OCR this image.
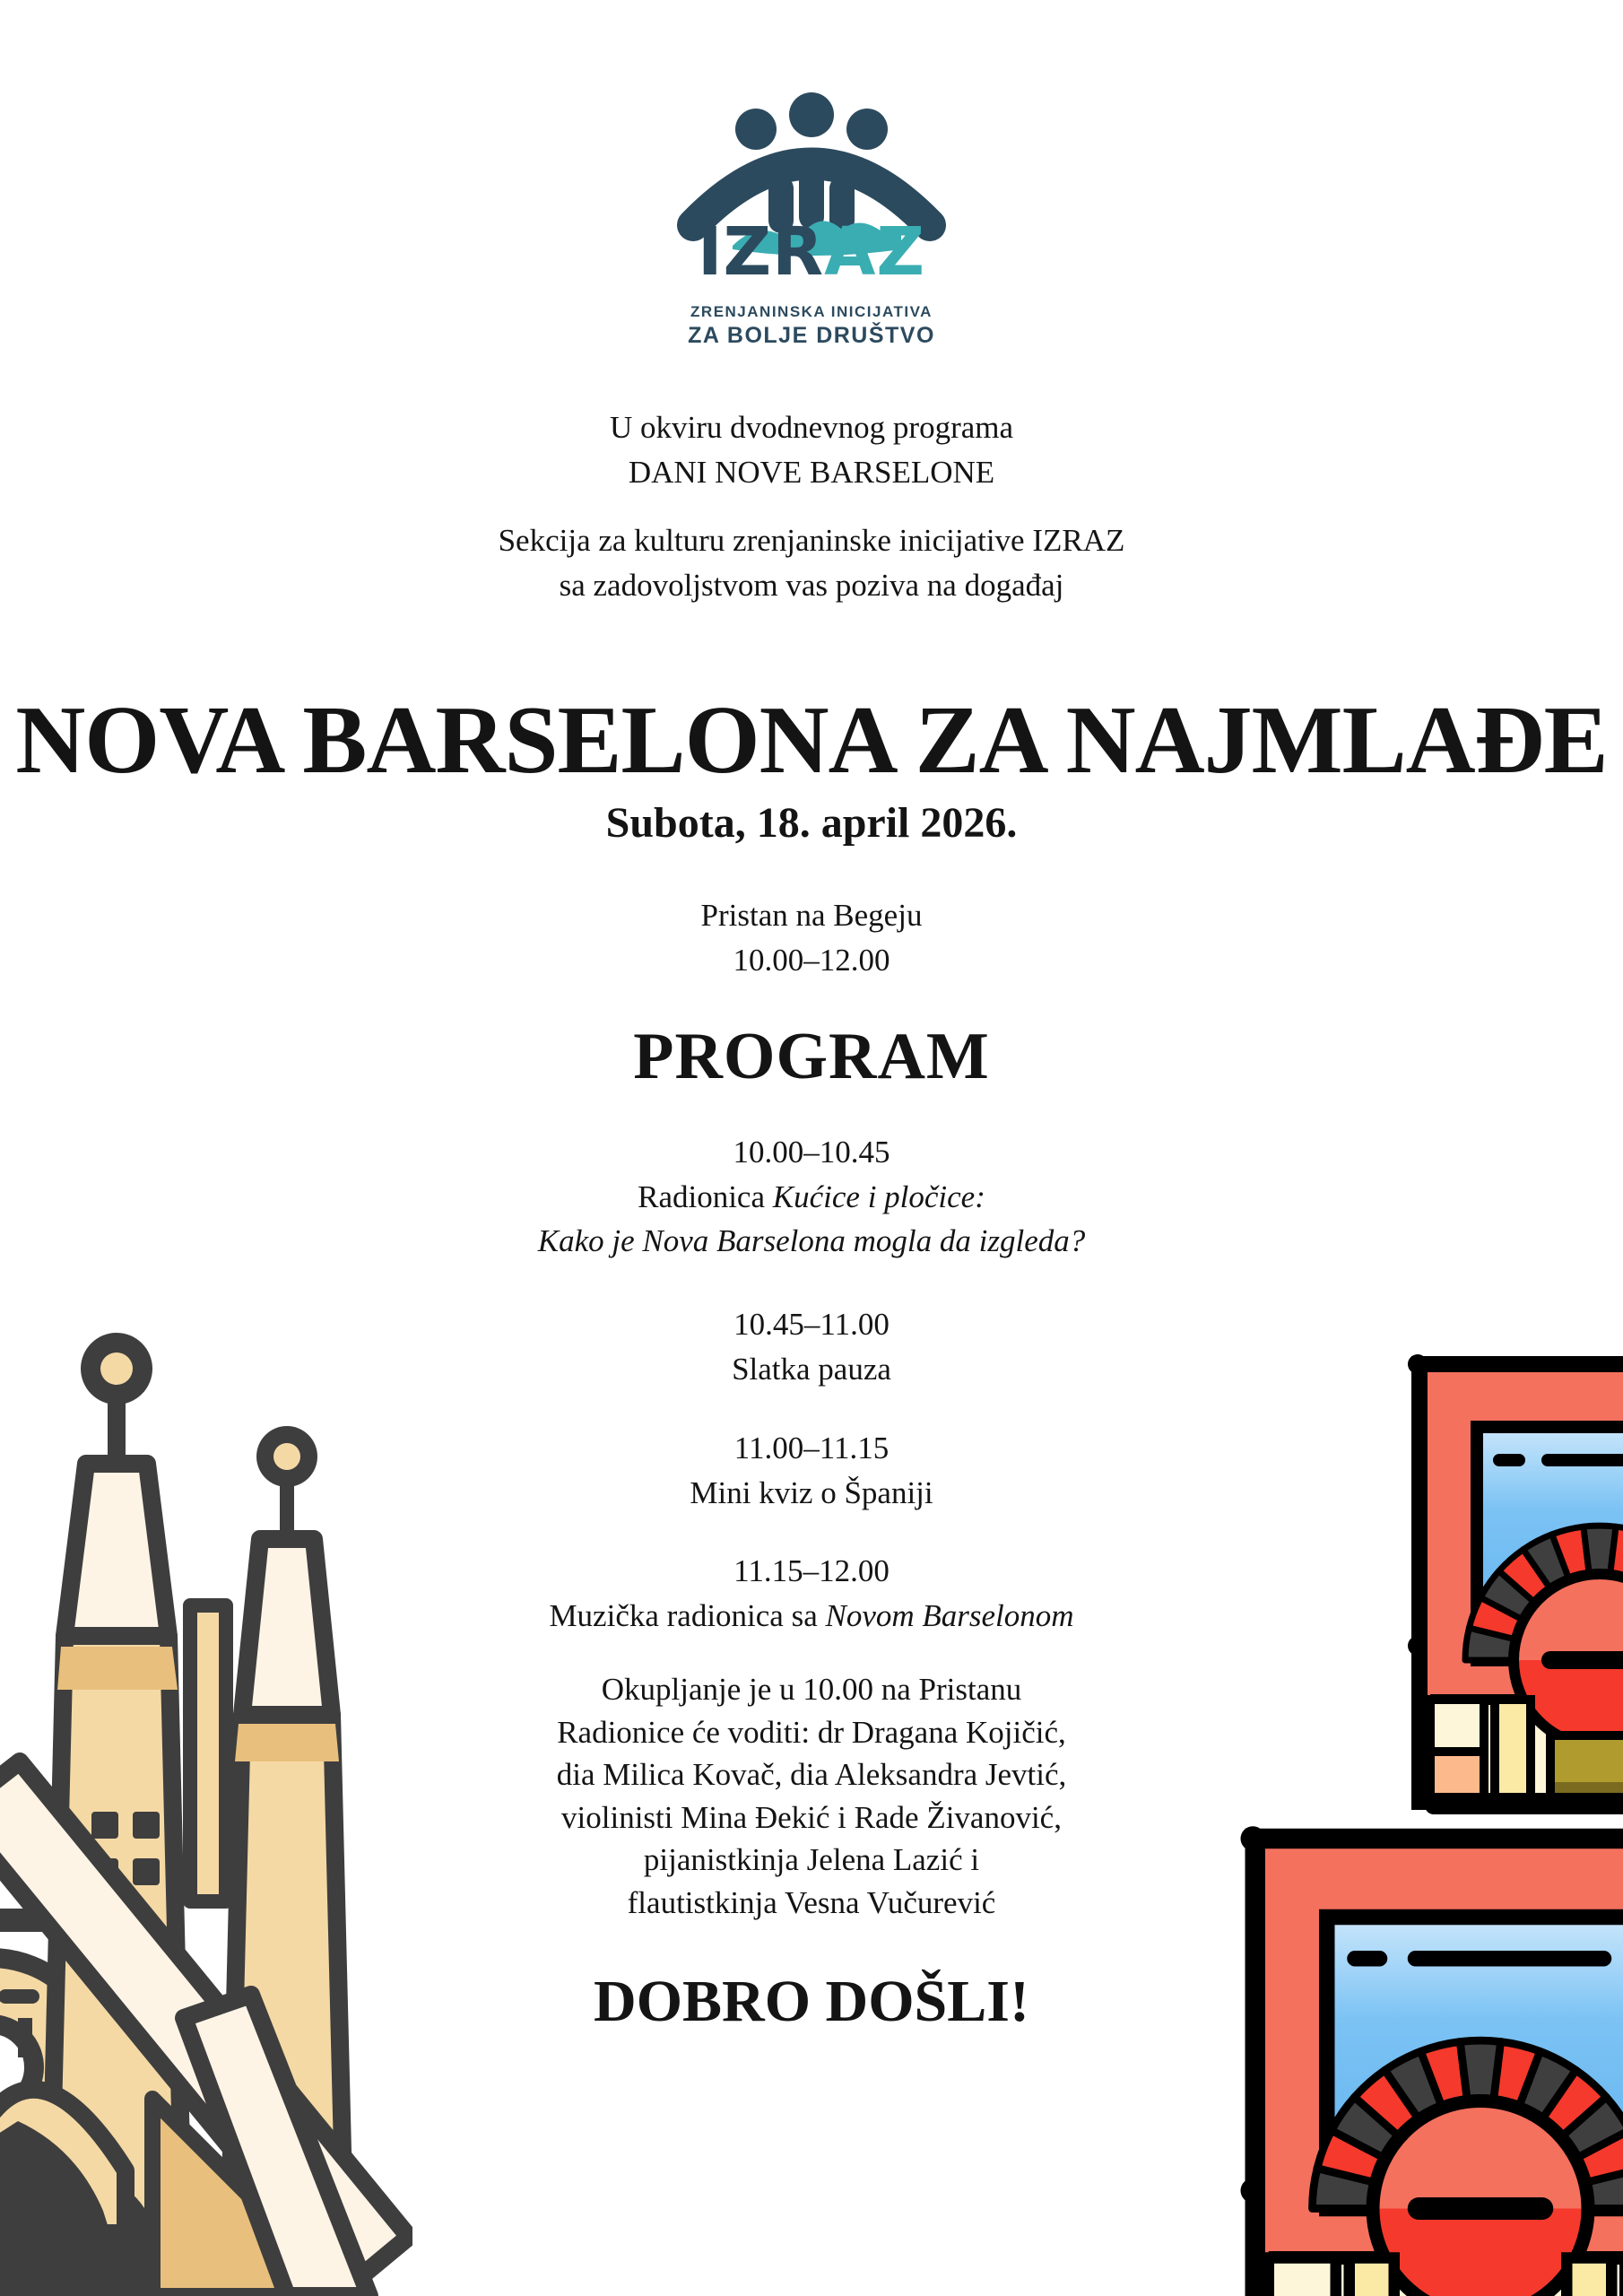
IZRAZ
ZRENJANINSKA INICIJATIVA
ZA BOLJE DRUŠTVO
U okviru dvodnevnog programa
DANI NOVE BARSELONE
Sekcija za kulturu zrenjaninske inicijative IZRAZ
sa zadovoljstvom vas poziva na događaj
NOVA BARSELONA ZA NAJMLAĐE
Subota, 18. april 2026.
Pristan na Begeju
10.00–12.00
PROGRAM
10.00–10.45
Radionica Kućice i pločice:
Kako je Nova Barselona mogla da izgleda?
10.45–11.00
Slatka pauza
11.00–11.15
Mini kviz o Španiji
11.15–12.00
Muzička radionica sa Novom Barselonom
Okupljanje je u 10.00 na Pristanu
Radionice će voditi: dr Dragana Kojičić,
dia Milica Kovač, dia Aleksandra Jevtić,
violinisti Mina Đekić i Rade Živanović,
pijanistkinja Jelena Lazić i
flautistkinja Vesna Vučurević
DOBRO DOŠLI!
